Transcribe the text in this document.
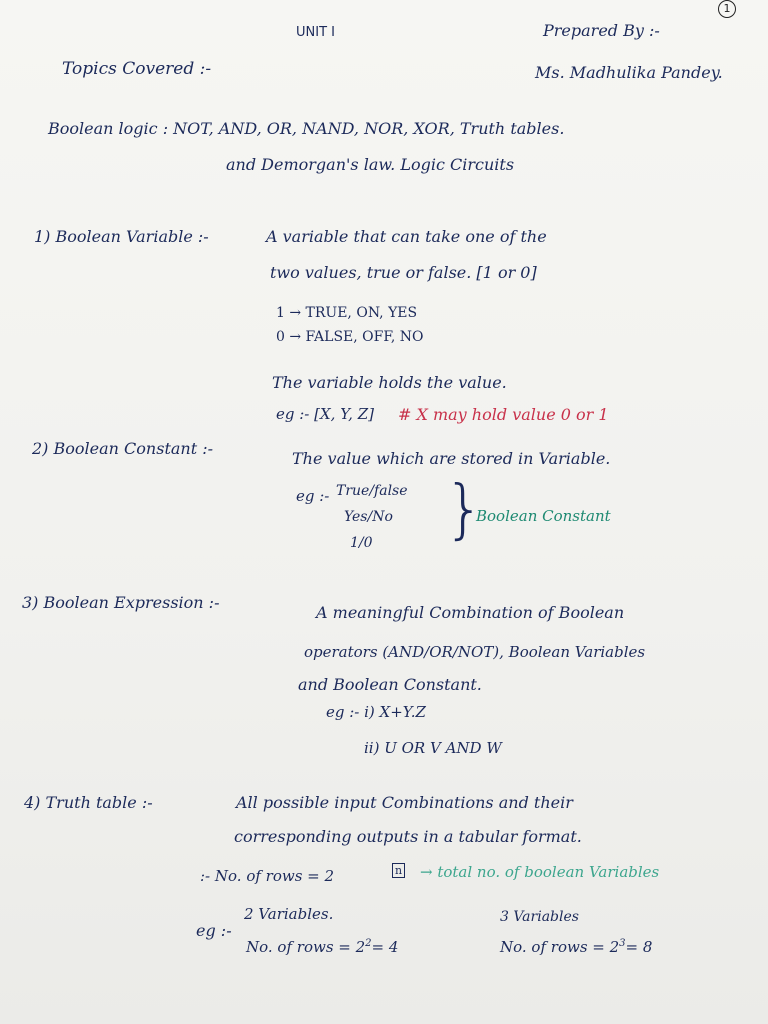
1
UNIT I	Prepared By :-
Ms. Madhulika Pandey.
Topics Covered :-
Boolean logic : NOT, AND, OR, NAND, NOR, XOR, Truth tables.
and Demorgan's law. Logic Circuits
1) Boolean Variable :-	A variable that can take one of the
two values, true or false. [1 or 0]
1 → TRUE, ON, YES
0 → FALSE, OFF, NO
The variable holds the value.
eg :- [X, Y, Z] # X may hold value 0 or 1
2) Boolean Constant :-
The value which are stored in Variable.
eg :- True/false
Yes/No
1/0 }
Boolean Constant
3) Boolean Expression :-
A meaningful Combination of Boolean
operators (AND/OR/NOT), Boolean Variables
and Boolean Constant.
eg :- i) X+Y.Z
ii) U OR V AND W
4) Truth table :-	All possible input Combinations and their
corresponding outputs in a tabular format.
:- No. of rows = 2	n → total no. of boolean Variables
eg :-
2 Variables.
No. of rows = $2^2= 4$
3 Variables
No. of rows = $2^3= 8$
